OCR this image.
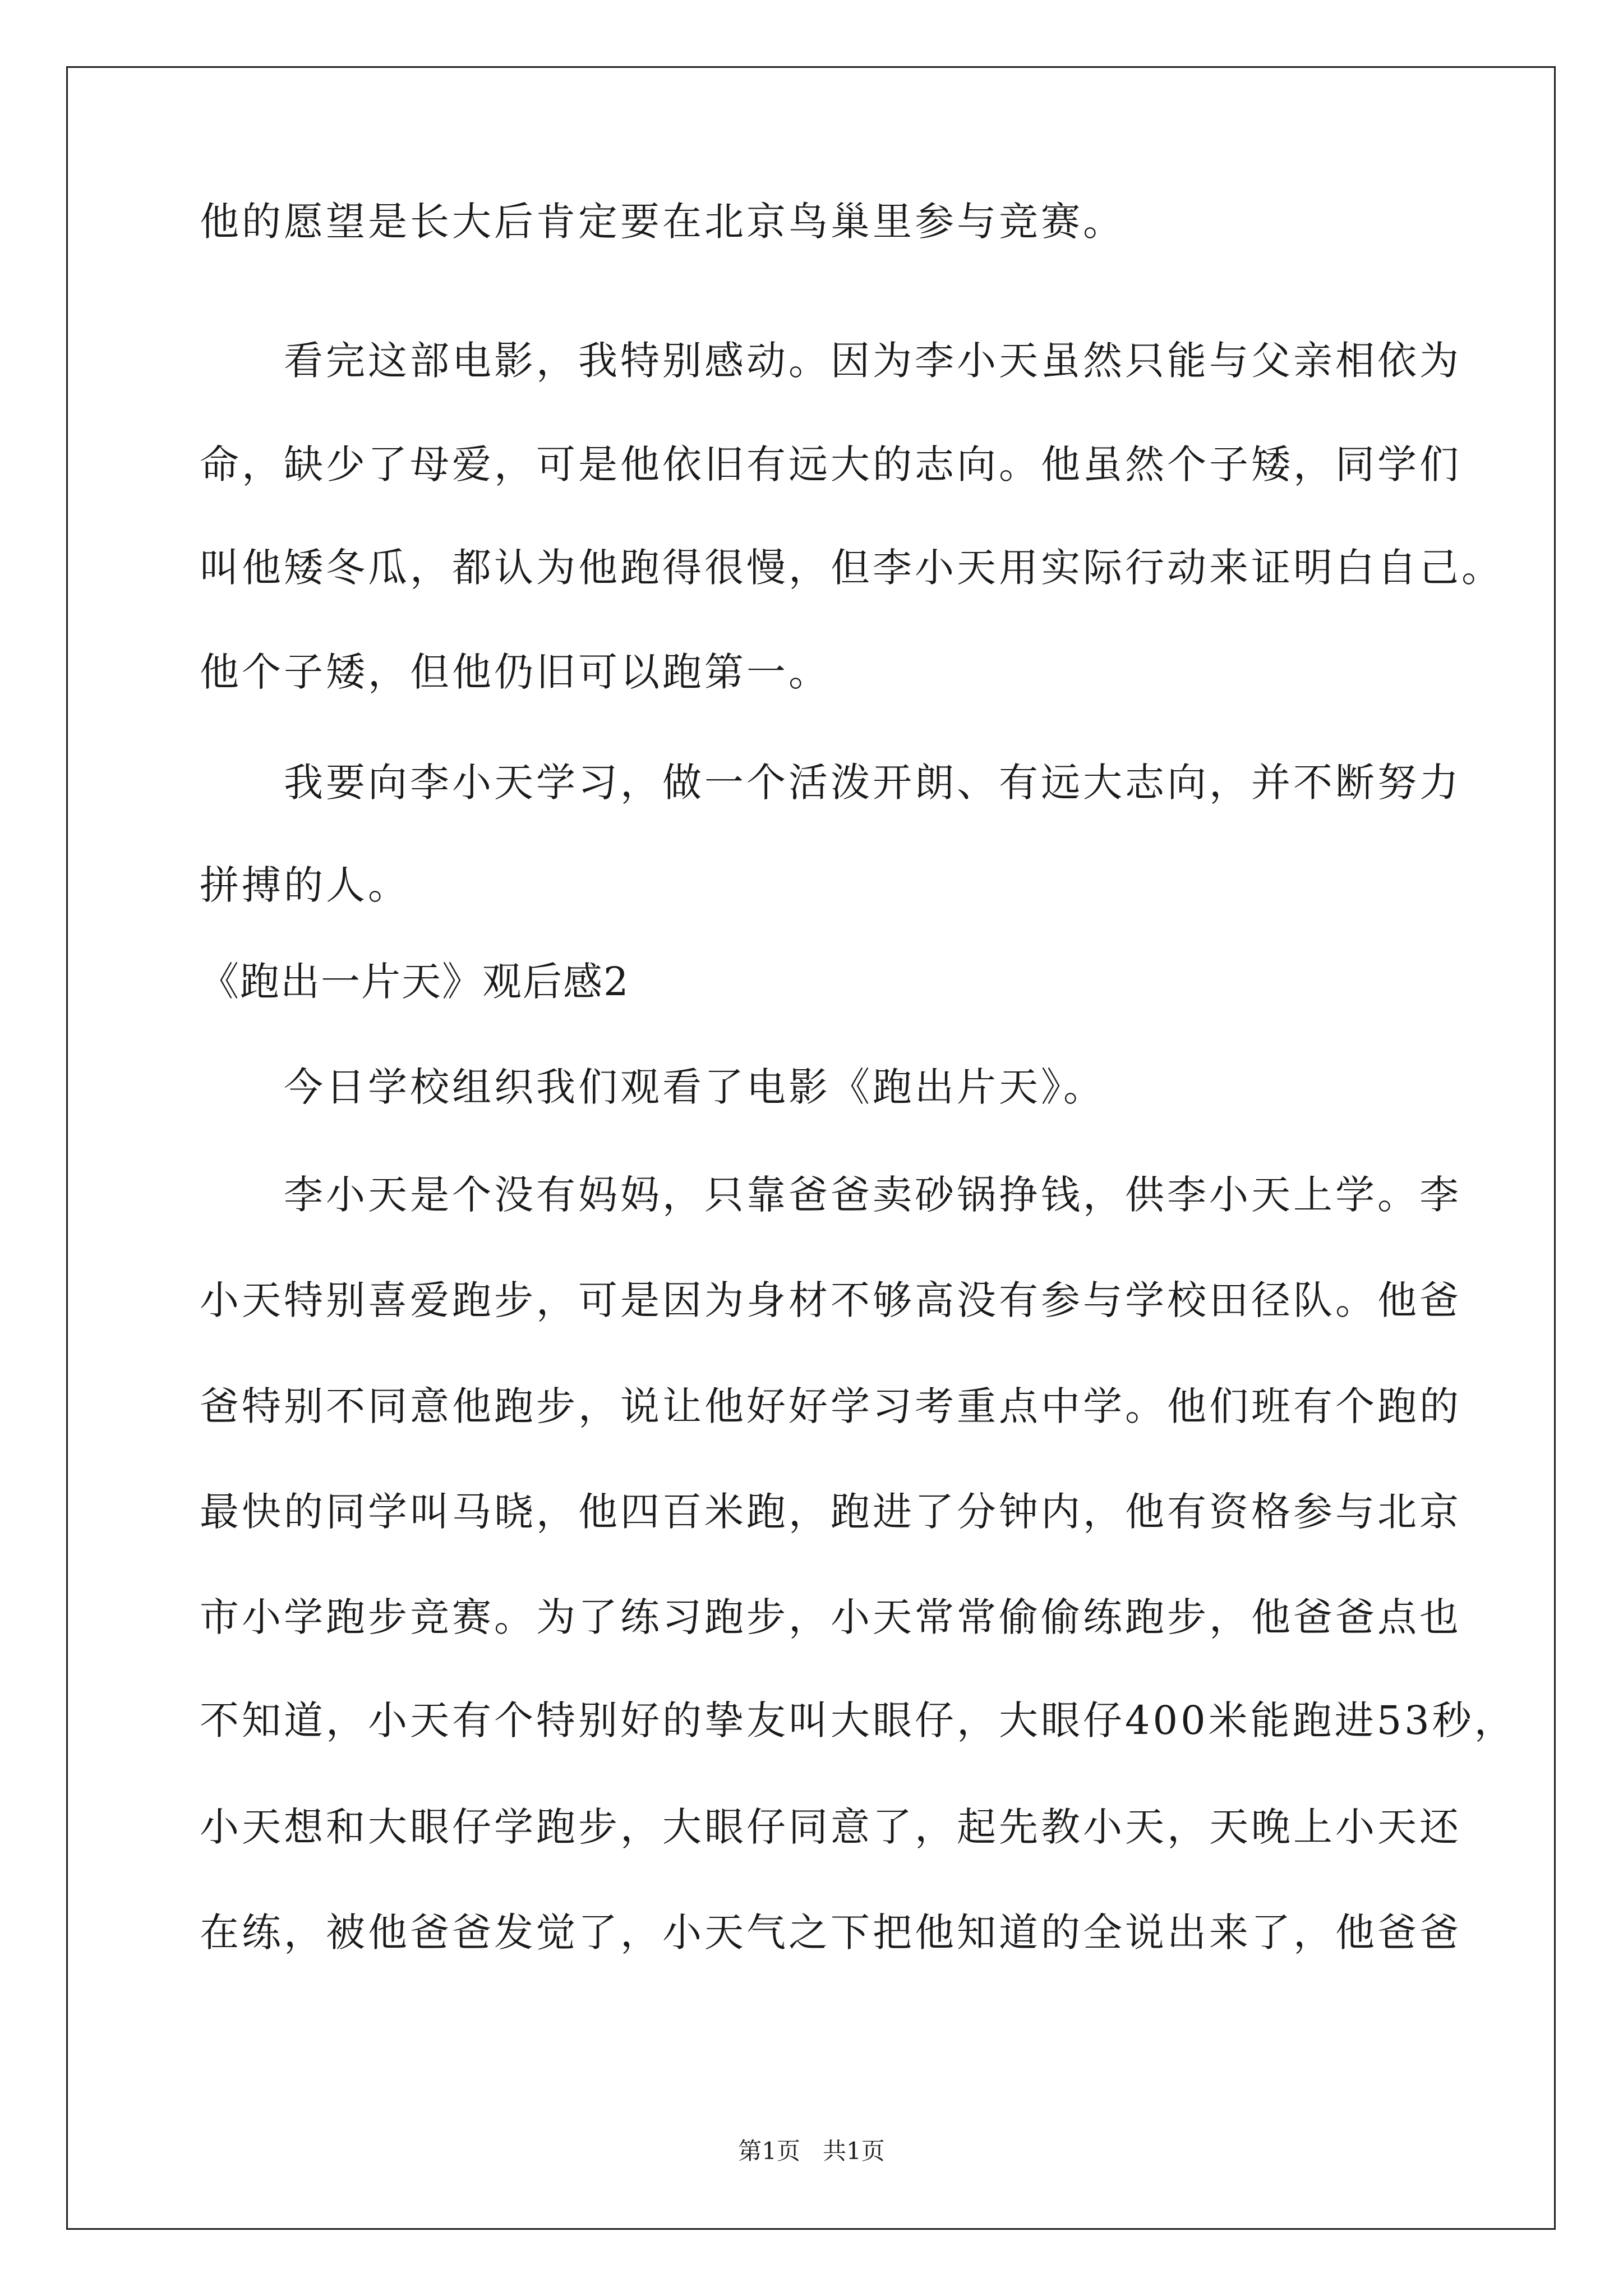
他的愿望是长大后肯定要在北京鸟巢里参与竞赛。
看完这部电影，我特别感动。因为李小天虽然只能与父亲相依为
命，缺少了母爱，可是他依旧有远大的志向。他虽然个子矮，同学们
叫他矮冬瓜，都认为他跑得很慢，但李小天用实际行动来证明白自己。
他个子矮，但他仍旧可以跑第一。
我要向李小天学习，做一个活泼开朗、有远大志向，并不断努力
拼搏的人。
《跑出一片天》观后感2
今日学校组织我们观看了电影《跑出片天》。
李小天是个没有妈妈，只靠爸爸卖砂锅挣钱，供李小天上学。李
小天特别喜爱跑步，可是因为身材不够高没有参与学校田径队。他爸
爸特别不同意他跑步，说让他好好学习考重点中学。他们班有个跑的
最快的同学叫马晓，他四百米跑，跑进了分钟内，他有资格参与北京
市小学跑步竞赛。为了练习跑步，小天常常偷偷练跑步，他爸爸点也
不知道，小天有个特别好的挚友叫大眼仔，大眼仔400米能跑进53秒，
小天想和大眼仔学跑步，大眼仔同意了，起先教小天，天晚上小天还
在练，被他爸爸发觉了，小天气之下把他知道的全说出来了，他爸爸
第1页 共1页
